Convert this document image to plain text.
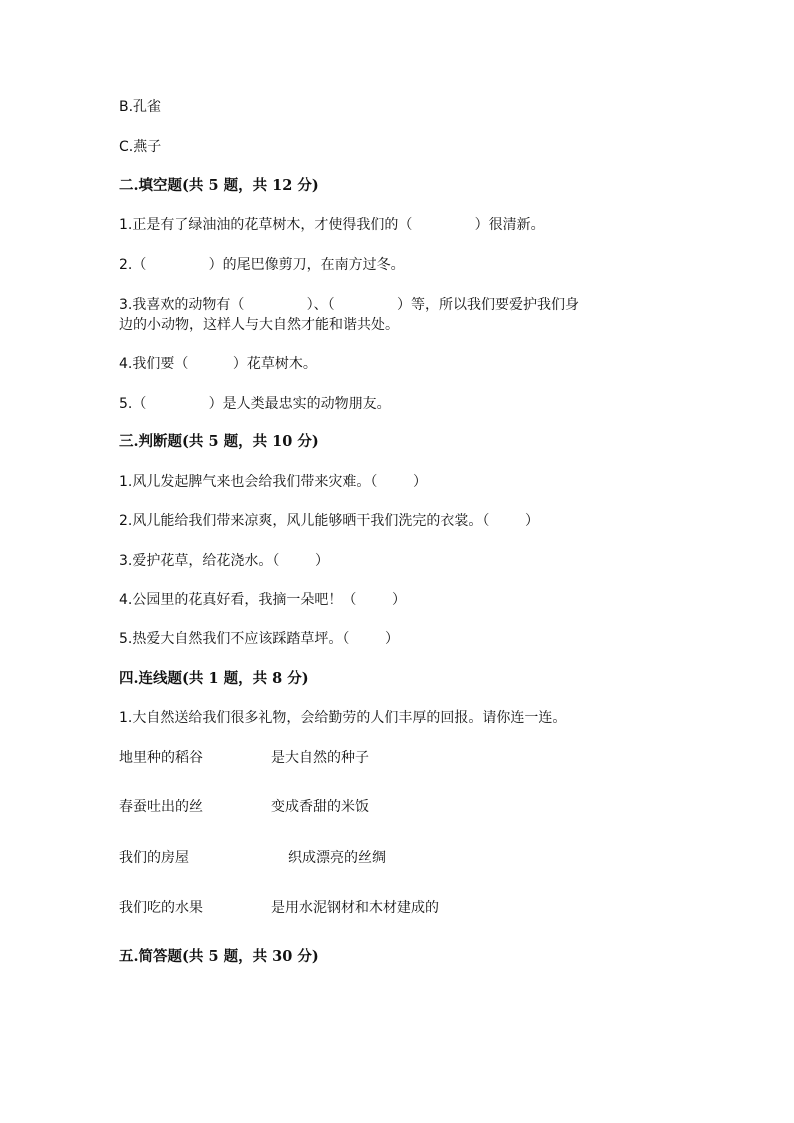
B.孔雀
C.燕子
二.填空题(共 5 题，共 12 分)
1.正是有了绿油油的花草树木，才使得我们的（              ）很清新。
2.（              ）的尾巴像剪刀，在南方过冬。
3.我喜欢的动物有（              ）、（              ）等，所以我们要爱护我们身
边的小动物，这样人与大自然才能和谐共处。
4.我们要（          ）花草树木。
5.（              ）是人类最忠实的动物朋友。
三.判断题(共 5 题，共 10 分)
1.风儿发起脾气来也会给我们带来灾难。（        ）
2.风儿能给我们带来凉爽，风儿能够晒干我们洗完的衣裳。（        ）
3.爱护花草，给花浇水。（        ）
4.公园里的花真好看，我摘一朵吧！（        ）
5.热爱大自然我们不应该踩踏草坪。（        ）
四.连线题(共 1 题，共 8 分)
1.大自然送给我们很多礼物，会给勤劳的人们丰厚的回报。请你连一连。
地里种的稻谷	是大自然的种子
春蚕吐出的丝	变成香甜的米饭
我们的房屋	织成漂亮的丝绸
我们吃的水果	是用水泥钢材和木材建成的
五.简答题(共 5 题，共 30 分)
